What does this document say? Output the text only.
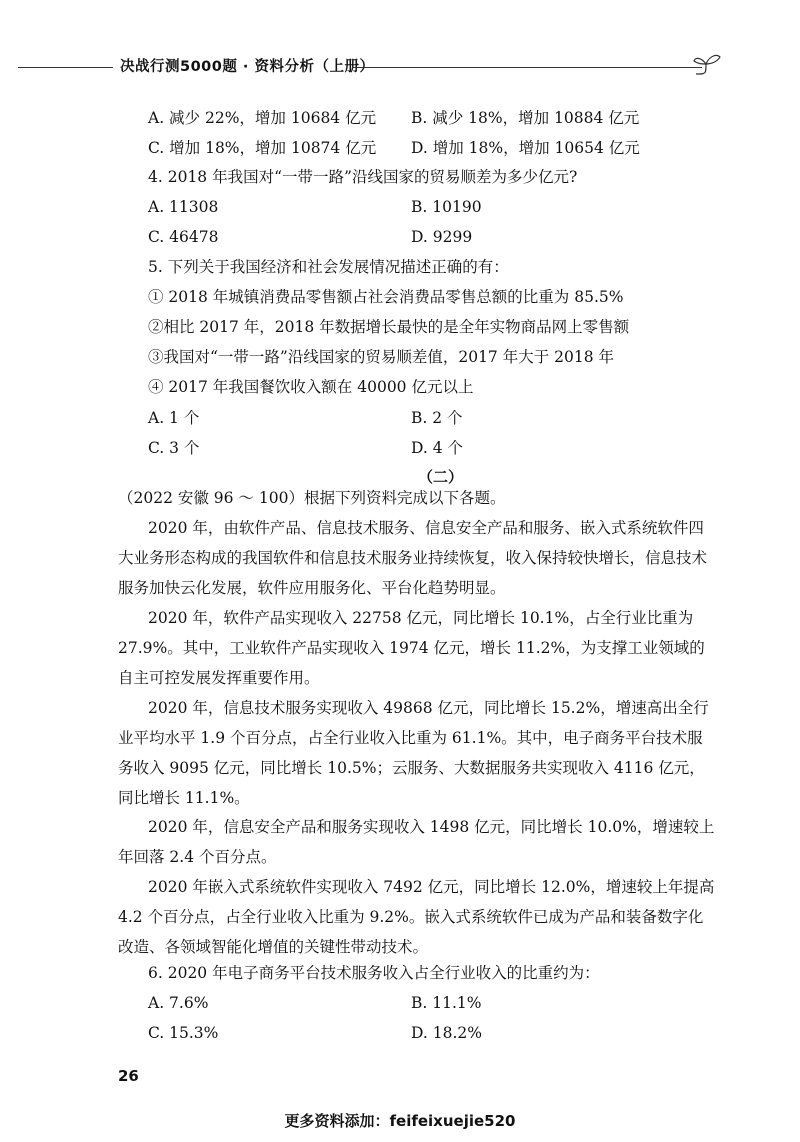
决战行测5000题 · 资料分析（上册）
A. 减少 22%，增加 10684 亿元	B. 减少 18%，增加 10884 亿元
C. 增加 18%，增加 10874 亿元	D. 增加 18%，增加 10654 亿元
4. 2018 年我国对“一带一路”沿线国家的贸易顺差为多少亿元?
A. 11308	B. 10190
C. 46478	D. 9299
5. 下列关于我国经济和社会发展情况描述正确的有：
① 2018 年城镇消费品零售额占社会消费品零售总额的比重为 85.5%
②相比 2017 年，2018 年数据增长最快的是全年实物商品网上零售额
③我国对“一带一路”沿线国家的贸易顺差值，2017 年大于 2018 年
④ 2017 年我国餐饮收入额在 40000 亿元以上
A. 1 个	B. 2 个
C. 3 个	D. 4 个
（二）
（2022 安徽 96 ～ 100）根据下列资料完成以下各题。
2020 年，由软件产品、信息技术服务、信息安全产品和服务、嵌入式系统软件四大业务形态构成的我国软件和信息技术服务业持续恢复，收入保持较快增长，信息技术服务加快云化发展，软件应用服务化、平台化趋势明显。
2020 年，软件产品实现收入 22758 亿元，同比增长 10.1%，占全行业比重为 27.9%。其中，工业软件产品实现收入 1974 亿元，增长 11.2%，为支撑工业领域的自主可控发展发挥重要作用。
2020 年，信息技术服务实现收入 49868 亿元，同比增长 15.2%，增速高出全行业平均水平 1.9 个百分点，占全行业收入比重为 61.1%。其中，电子商务平台技术服务收入 9095 亿元，同比增长 10.5%；云服务、大数据服务共实现收入 4116 亿元，同比增长 11.1%。
2020 年，信息安全产品和服务实现收入 1498 亿元，同比增长 10.0%，增速较上年回落 2.4 个百分点。
2020 年嵌入式系统软件实现收入 7492 亿元，同比增长 12.0%，增速较上年提高 4.2 个百分点，占全行业收入比重为 9.2%。嵌入式系统软件已成为产品和装备数字化改造、各领域智能化增值的关键性带动技术。
6. 2020 年电子商务平台技术服务收入占全行业收入的比重约为：
A. 7.6%	B. 11.1%
C. 15.3%	D. 18.2%
26
更多资料添加：feifeixuejie520
